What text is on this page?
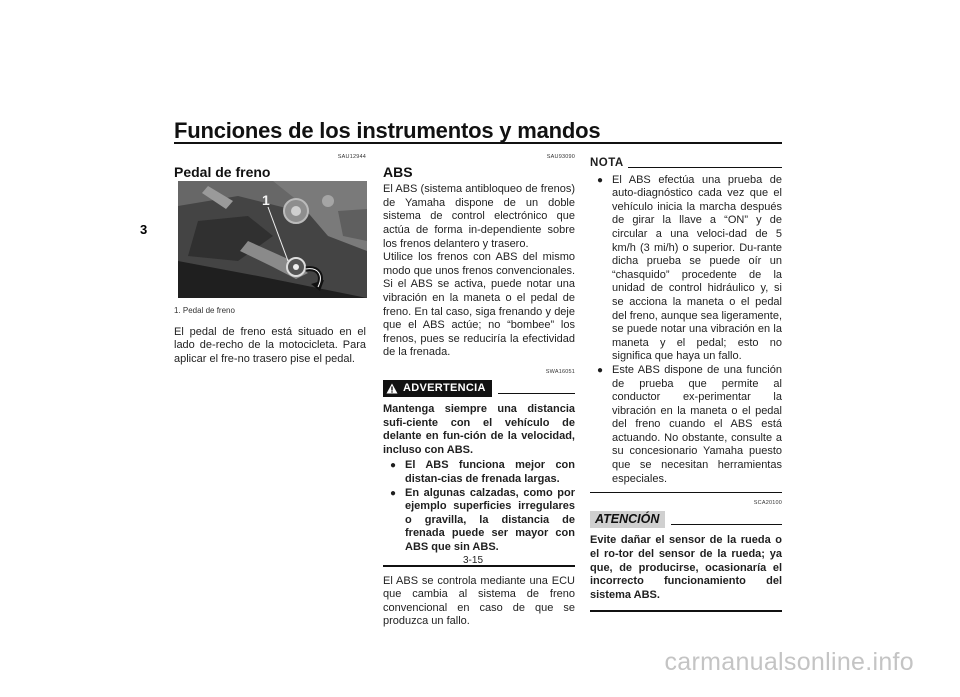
Funciones de los instrumentos y mandos
3
SAU12944
Pedal de freno
1
1. Pedal de freno

El pedal de freno está situado en el lado de-recho de la motocicleta. Para aplicar el fre-no trasero pise el pedal.

SAU93090
ABS

El ABS (sistema antibloqueo de frenos) de Yamaha dispone de un doble sistema de control electrónico que actúa de forma in-dependiente sobre los frenos delantero y trasero.

Utilice los frenos con ABS del mismo modo que unos frenos convencionales. Si el ABS se activa, puede notar una vibración en la maneta o el pedal de freno. En tal caso, siga frenando y deje que el ABS actúe; no “bombee” los frenos, pues se reduciría la efectividad de la frenada.

SWA16051
ADVERTENCIA

Mantenga siempre una distancia sufi-ciente con el vehículo de delante en fun-ción de la velocidad, incluso con ABS.

● El ABS funciona mejor con distan-cias de frenada largas.
● En algunas calzadas, como por ejemplo superficies irregulares o gravilla, la distancia de frenada puede ser mayor con ABS que sin ABS.

El ABS se controla mediante una ECU que cambia al sistema de freno convencional en caso de que se produzca un fallo.

NOTA
● El ABS efectúa una prueba de auto-diagnóstico cada vez que el vehículo inicia la marcha después de girar la llave a “ON” y de circular a una veloci-dad de 5 km/h (3 mi/h) o superior. Du-rante dicha prueba se puede oír un “chasquido” procedente de la unidad de control hidráulico y, si se acciona la maneta o el pedal del freno, aunque sea ligeramente, se puede notar una vibración en la maneta y el pedal; esto no significa que haya un fallo.
● Este ABS dispone de una función de prueba que permite al conductor ex-perimentar la vibración en la maneta o el pedal del freno cuando el ABS está actuando. No obstante, consulte a su concesionario Yamaha puesto que se necesitan herramientas especiales.
SCA20100
ATENCIÓN

Evite dañar el sensor de la rueda o el ro-tor del sensor de la rueda; ya que, de producirse, ocasionaría el incorrecto funcionamiento del sistema ABS.

3-15
carmanualsonline.info
